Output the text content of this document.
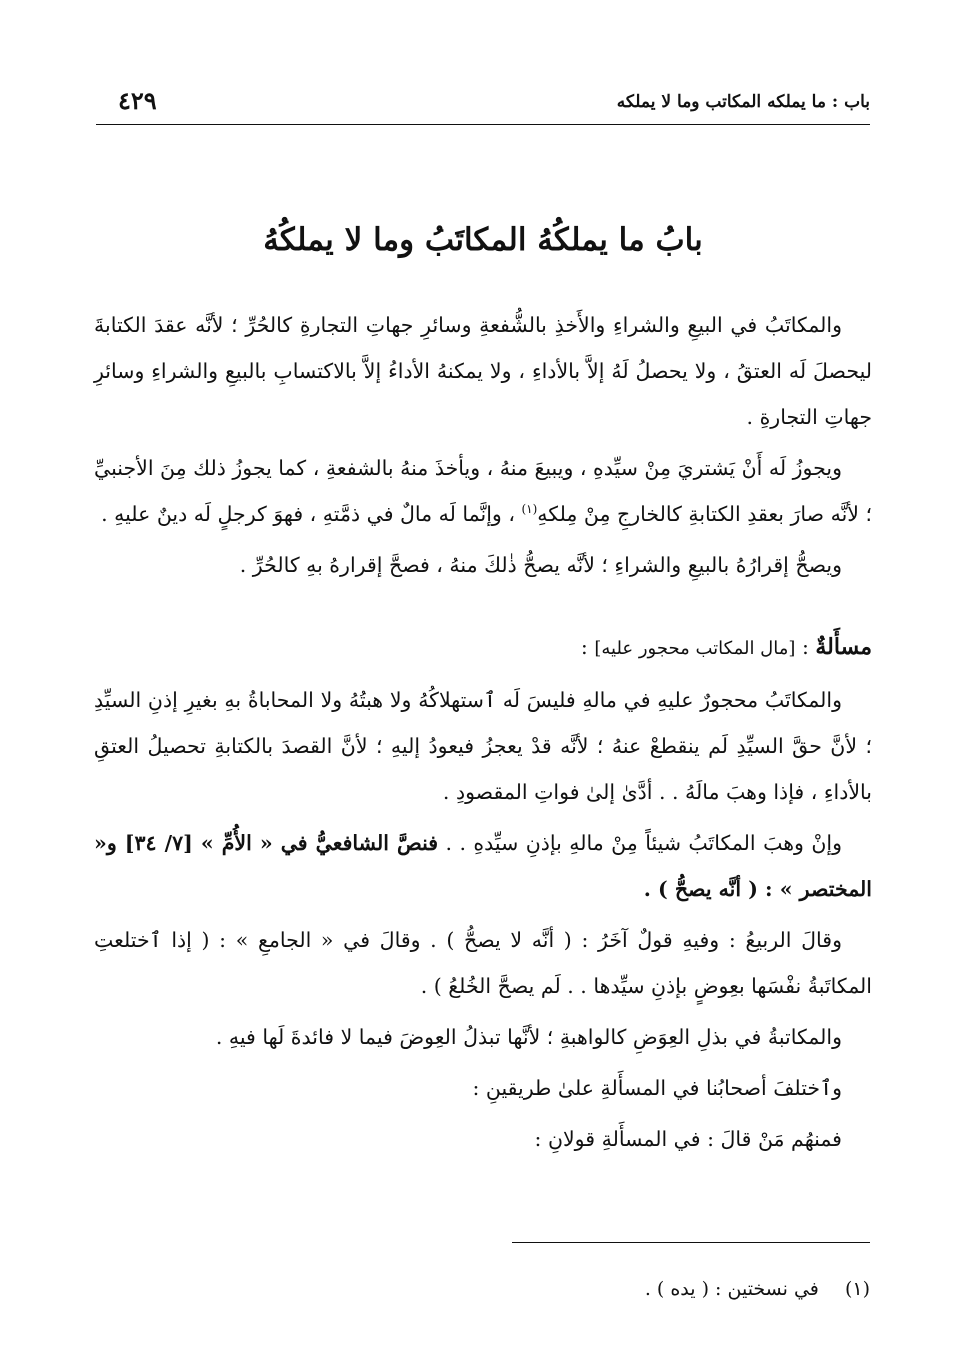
باب : ما يملكه المكاتب وما لا يملكه
٤٢٩
بابُ ما يملكُهُ المكاتَبُ وما لا يملكُهُ

والمكاتَبُ في البيعِ والشراءِ والأَخذِ بالشُّفعةِ وسائرِ جهاتِ التجارةِ كالحُرِّ ؛ لأنَّه عقدَ الكتابةَ ليحصلَ لَه العتقُ ، ولا يحصلُ لَهُ إلاَّ بالأداءِ ، ولا يمكنهُ الأداءُ إلاَّ بالاكتسابِ بالبيعِ والشراءِ وسائرِ جهاتِ التجارةِ .

ويجوزُ لَه أَنْ يَشتريَ مِنْ سيِّدهِ ، ويبيعَ منهُ ، ويأخذَ منهُ بالشفعةِ ، كما يجوزُ ذلك مِنَ الأجنبيِّ ؛ لأنَّه صارَ بعقدِ الكتابةِ كالخارجِ مِنْ مِلكهِ$^{(١)}$ ، وإنَّما لَه مالٌ في ذمَّتهِ ، فهوَ كرجلٍ لَه دينٌ عليهِ .

ويصحُّ إقرارُهُ بالبيعِ والشراءِ ؛ لأنَّه يصحُّ ذٰلكَ منهُ ، فصحَّ إقرارهُ بهِ كالحُرِّ .

مسأَلةٌ : [مال المكاتب محجور عليه] :

والمكاتَبُ محجورٌ عليهِ في مالهِ فليسَ لَه ٱستهلاكُهُ ولا هبتُهُ ولا المحاباةُ بهِ بغيرِ إذنِ السيِّدِ ؛ لأنَّ حقَّ السيِّدِ لَم ينقطعْ عنهُ ؛ لأنَّه قدْ يعجزُ فيعودُ إليهِ ؛ لأنَّ القصدَ بالكتابةِ تحصيلُ العتقِ بالأداءِ ، فإذا وهبَ مالَهُ . . أدَّىٰ إلىٰ فواتِ المقصودِ .

وإنْ وهبَ المكاتَبُ شيئاً مِنْ مالهِ بإذنِ سيِّدهِ . . فنصَّ الشافعيُّ في « الأُمِّ » [٧/ ٣٤] و« المختصر » : ( أنَّه يصحُّ ) .

وقالَ الربيعُ : وفيهِ قولٌ آخَرُ : ( أنَّه لا يصحُّ ) . وقالَ في « الجامعِ » : ( إذا ٱختلعتِ المكاتَبةُ نفْسَها بعِوضٍ بإذنِ سيِّدها . . لَم يصحَّ الخُلعُ ) .

والمكاتبةُ في بذلِ العِوَضِ كالواهبةِ ؛ لأنَّها تبذلُ العِوضَ فيما لا فائدةَ لَها فيهِ .

وٱختلفَ أصحابُنا في المسأَلةِ علىٰ طريقينِ :

فمنهُم مَنْ قالَ : في المسأَلةِ قولانِ :

(١) في نسختين : ( يده ) .
